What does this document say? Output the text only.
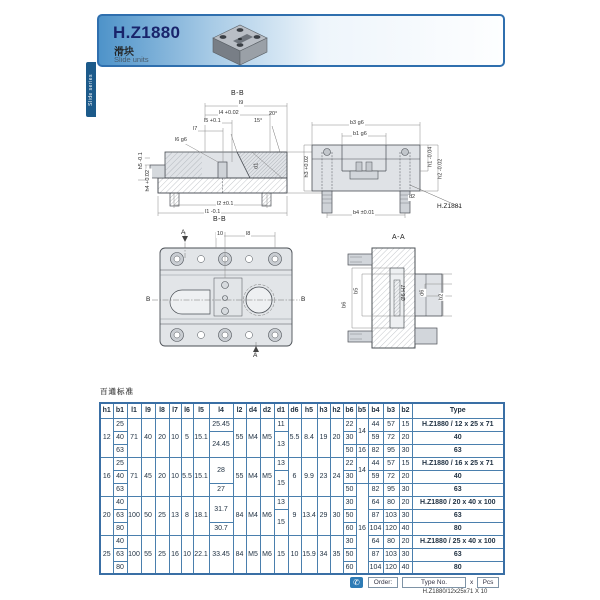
Slide series
H.Z1880
滑块
Slide units
B-B
l9
l4 +0.02
l5 +0.1
l7
l6 g6
15°
20°
d1
h5 -0.1
h4 +0.02
l2 ±0.1
l1 -0.1
B-B
b3 g6
b1 g6
h3 +0.02	h1 -0.04
h2 -0.02
b4 ±0.01
d2
H.Z1881
A	10	l8
B	B
A
A-A
b5
b6
Ø6 H7 d6
b2
百通标准
h1	b1	l1	l9	l8	l7	l6	l5	l4	l2	d4	d2	d1	d6	h5	h3	h2	b6	b5	b4	b3	b2	Type
12	25	71	40	20	10	5	15.1	25.45	55	M4	M5	11	5.5	8.4	19	20	22	14	44	57	15	H.Z1880 / 12 x 25 x 71
	40							24.45				13					30		59	72	20	40
	63																50	16	82	95	30	63
16	25	71	45	20	10	5.5	15.1	28	55	M4	M5	13	6	9.9	23	24	22	14	44	57	15	H.Z1880 / 16 x 25 x 71
	40											15					30		59	72	20	40
	63							27									50	16	82	95	30	63
20	40	100	50	25	13	8	18.1	31.7	84	M4	M6	13	9	13.4	29	30	30		64	80	20	H.Z1880 / 20 x 40 x 100
	63											15					50		87	103	30	63
	80							30.7									60		104	120	40	80
25	40	100	55	25	16	10	22.1	33.45	84	M5	M6	15	10	15.9	34	35	30		64	80	20	H.Z1880 / 25 x 40 x 100
	63																50		87	103	30	63
	80																60		104	120	40	80
✆	Order:	Type No.	x	Pcs
H.Z1880/12x25x71 X 10
